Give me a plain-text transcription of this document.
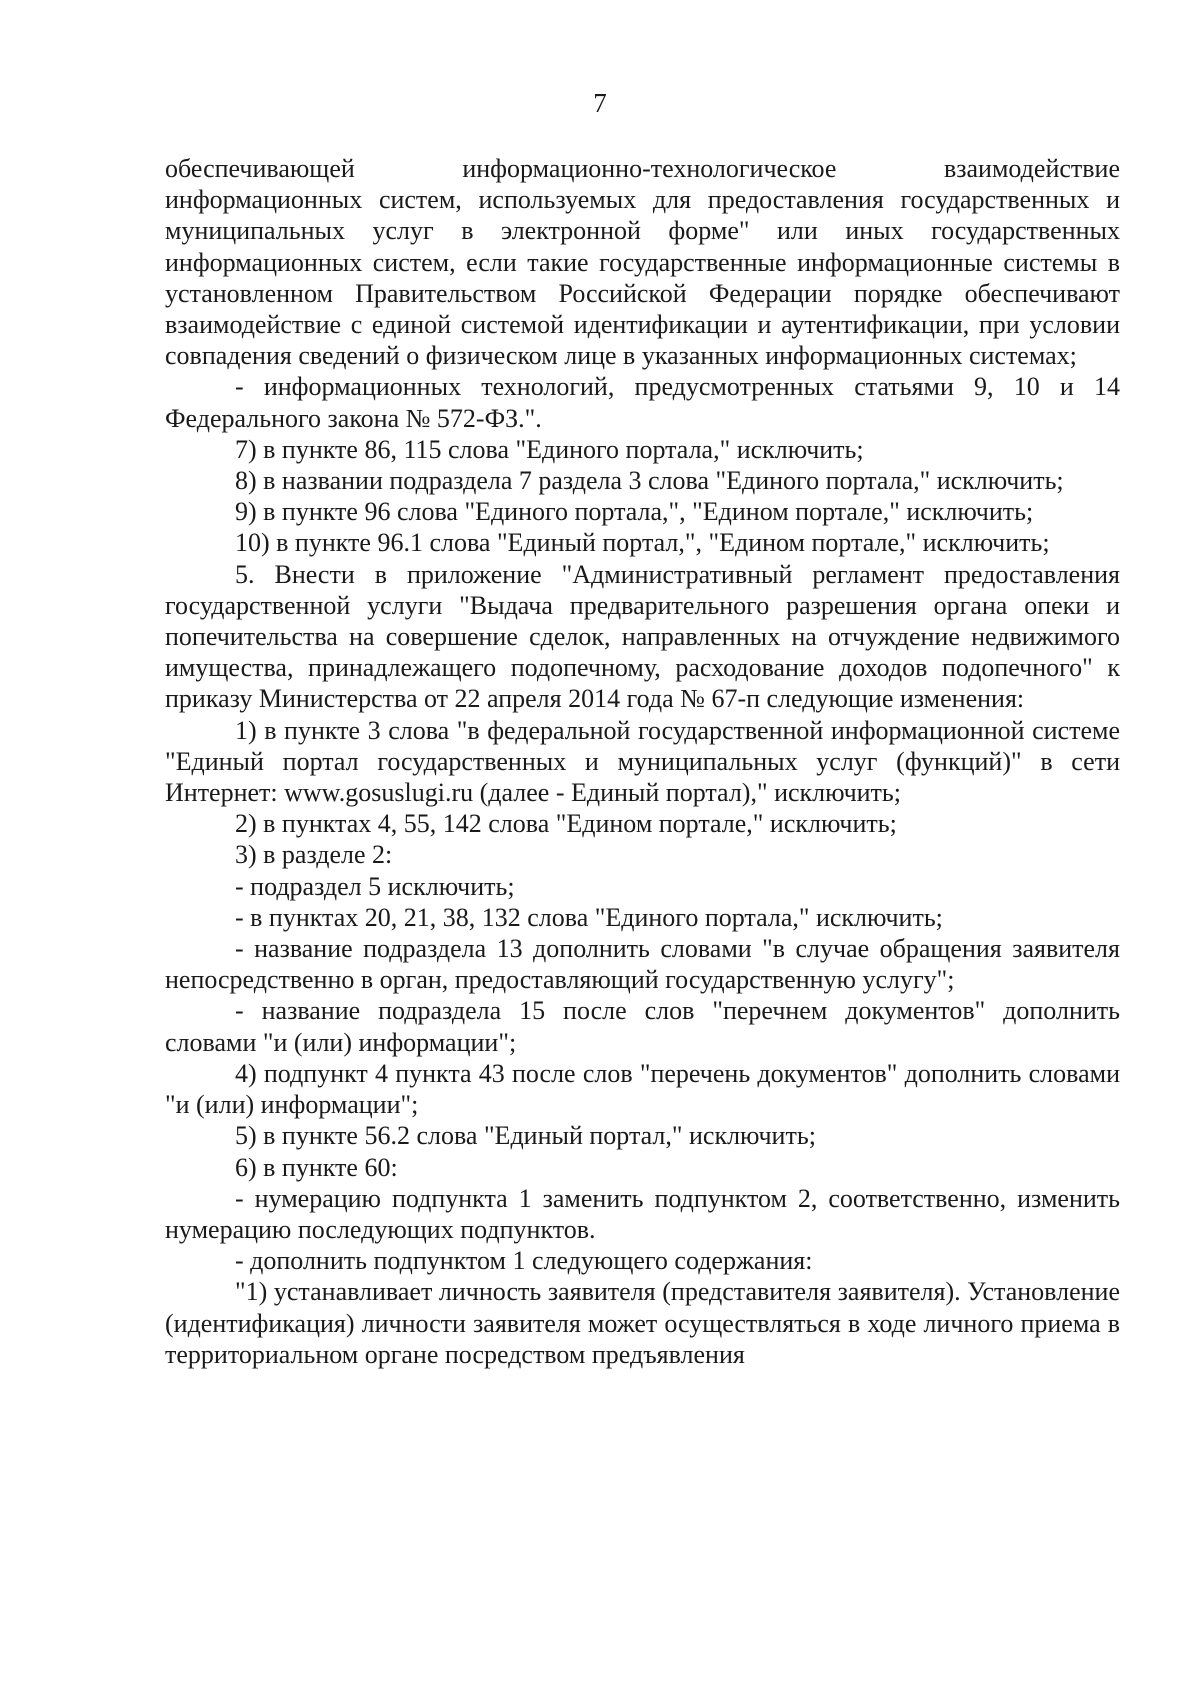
7

обеспечивающей информационно-технологическое взаимодействие информационных систем, используемых для предоставления государственных и муниципальных услуг в электронной форме" или иных государственных информационных систем, если такие государственные информационные системы в установленном Правительством Российской Федерации порядке обеспечивают взаимодействие с единой системой идентификации и аутентификации, при условии совпадения сведений о физическом лице в указанных информационных системах;

- информационных технологий, предусмотренных статьями 9, 10 и 14 Федерального закона № 572-ФЗ.".

7) в пункте 86, 115 слова "Единого портала," исключить;

8) в названии подраздела 7 раздела 3 слова "Единого портала," исключить;

9) в пункте 96 слова "Единого портала,", "Едином портале," исключить;

10) в пункте 96.1 слова "Единый портал,", "Едином портале," исключить;

5. Внести в приложение "Административный регламент предоставления государственной услуги "Выдача предварительного разрешения органа опеки и попечительства на совершение сделок, направленных на отчуждение недвижимого имущества, принадлежащего подопечному, расходование доходов подопечного" к приказу Министерства от 22 апреля 2014 года № 67-п следующие изменения:

1) в пункте 3 слова "в федеральной государственной информационной системе "Единый портал государственных и муниципальных услуг (функций)" в сети Интернет: www.gosuslugi.ru (далее - Единый портал)," исключить;

2) в пунктах 4, 55, 142 слова "Едином портале," исключить;

3) в разделе 2:

- подраздел 5 исключить;

- в пунктах 20, 21, 38, 132 слова "Единого портала," исключить;

- название подраздела 13 дополнить словами "в случае обращения заявителя непосредственно в орган, предоставляющий государственную услугу";

- название подраздела 15 после слов "перечнем документов" дополнить словами "и (или) информации";

4) подпункт 4 пункта 43 после слов "перечень документов" дополнить словами "и (или) информации";

5) в пункте 56.2 слова "Единый портал," исключить;

6) в пункте 60:

- нумерацию подпункта 1 заменить подпунктом 2, соответственно, изменить нумерацию последующих подпунктов.

- дополнить подпунктом 1 следующего содержания:

"1) устанавливает личность заявителя (представителя заявителя). Установление (идентификация) личности заявителя может осуществляться в ходе личного приема в территориальном органе посредством предъявления
